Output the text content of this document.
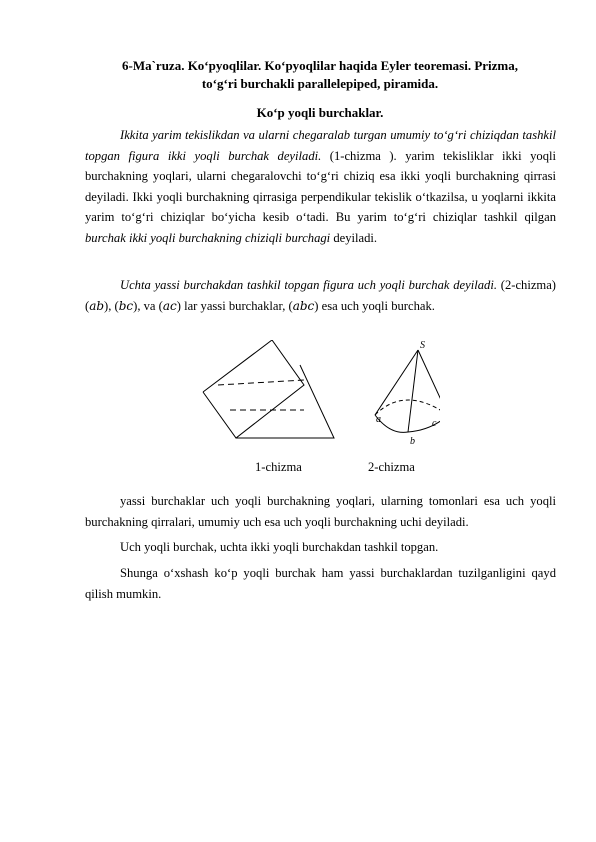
6-Ma`ruza. Ko‘pyoqlilar. Ko‘pyoqlilar haqida Eyler teoremasi. Prizma,
to‘g‘ri burchakli parallelepiped, piramida.
Ko‘p yoqli burchaklar.

Ikkita yarim tekislikdan va ularni chegaralab turgan umumiy to‘g‘ri chiziqdan tashkil topgan figura ikki yoqli burchak deyiladi. (1-chizma ). yarim tekisliklar ikki yoqli burchakning yoqlari, ularni chegaralovchi to‘g‘ri chiziq esa ikki yoqli burchakning qirrasi deyiladi. Ikki yoqli burchakning qirrasiga perpendikular tekislik o‘tkazilsa, u yoqlarni ikkita yarim to‘g‘ri chiziqlar bo‘yicha kesib o‘tadi. Bu yarim to‘g‘ri chiziqlar tashkil qilgan burchak ikki yoqli burchakning chiziqli burchagi deyiladi.

Uchta yassi burchakdan tashkil topgan figura uch yoqli burchak deyiladi. (2-chizma) (ab), (bc), va (ac) lar yassi burchaklar, (abc) esa uch yoqli burchak.

S
a
b
c
1-chizma	2-chizma

yassi burchaklar uch yoqli burchakning yoqlari, ularning tomonlari esa uch yoqli burchakning qirralari, umumiy uch esa uch yoqli burchakning uchi deyiladi.

Uch yoqli burchak, uchta ikki yoqli burchakdan tashkil topgan.

Shunga o‘xshash ko‘p yoqli burchak ham yassi burchaklardan tuzilganligini qayd qilish mumkin.
